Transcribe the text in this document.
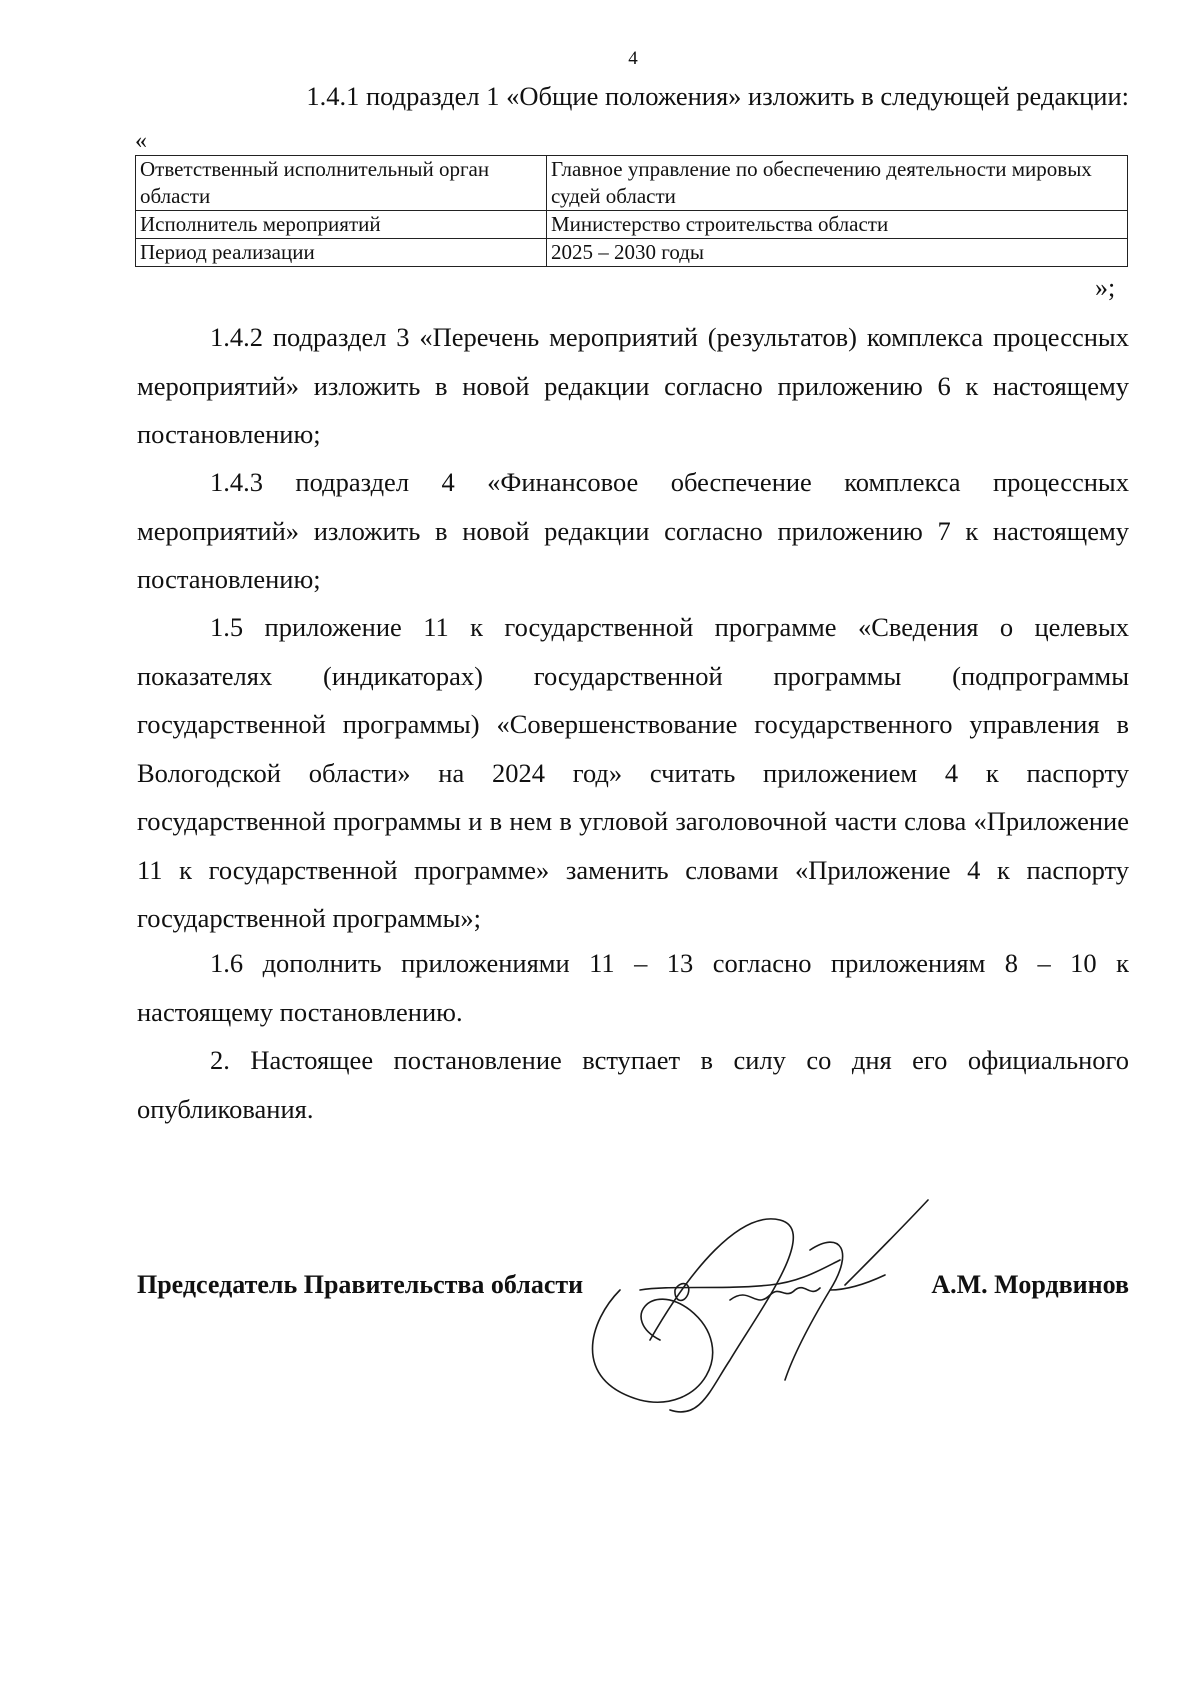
4
1.4.1 подраздел 1 «Общие положения» изложить в следующей редакции:
«
Ответственный исполнительный орган области	Главное управление по обеспечению деятельности мировых судей области
Исполнитель мероприятий	Министерство строительства области
Период реализации	2025 – 2030 годы
»;
1.4.2 подраздел 3 «Перечень мероприятий (результатов) комплекса процессных мероприятий» изложить в новой редакции согласно приложению 6 к настоящему постановлению;
1.4.3 подраздел 4 «Финансовое обеспечение комплекса процессных мероприятий» изложить в новой редакции согласно приложению 7 к настоящему постановлению;
1.5 приложение 11 к государственной программе «Сведения о целевых показателях (индикаторах) государственной программы (подпрограммы государственной программы) «Совершенствование государственного управления в Вологодской области» на 2024 год» считать приложением 4 к паспорту государственной программы и в нем в угловой заголовочной части слова «Приложение 11 к государственной программе» заменить словами «Приложение 4 к паспорту государственной программы»;
1.6 дополнить приложениями 11 – 13 согласно приложениям 8 – 10 к настоящему постановлению.
2. Настоящее постановление вступает в силу со дня его официального опубликования.
Председатель Правительства области	А.М. Мордвинов
